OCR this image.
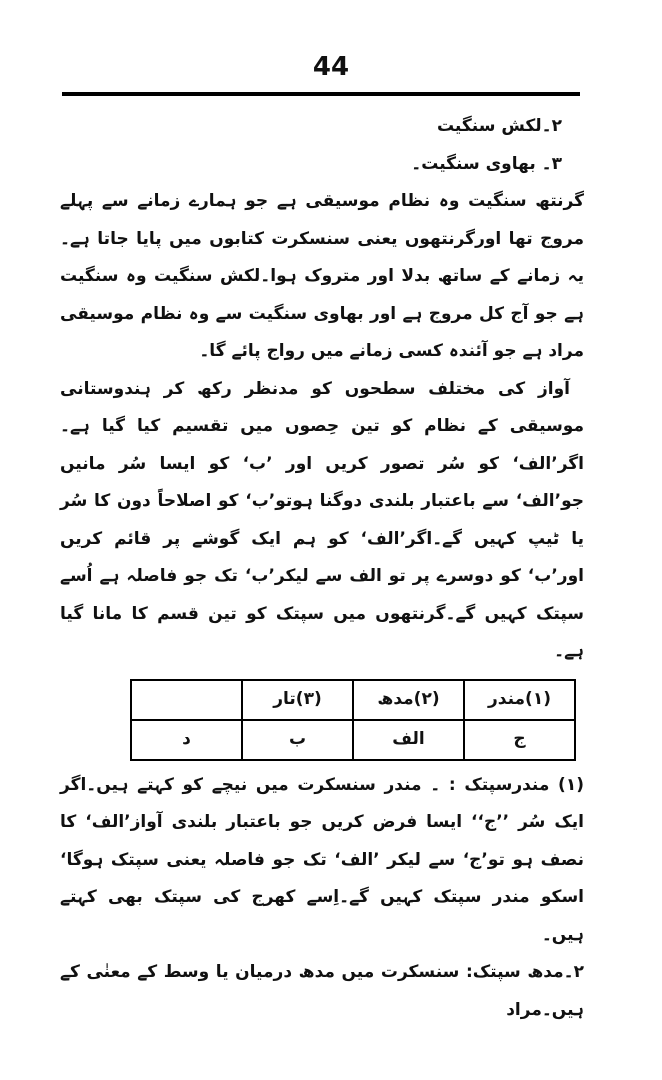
44

۲۔لکش سنگیت

۳۔ بھاوی سنگیت۔

گرنتھ سنگیت وہ نظام موسیقی ہے جو ہمارے زمانے سے پہلے مروج تھا اورگرنتھوں یعنی سنسکرت کتابوں میں پایا جاتا ہے۔ یہ زمانے کے ساتھ بدلا اور متروک ہوا۔لکش سنگیت وہ سنگیت ہے جو آج کل مروج ہے اور بھاوی سنگیت سے وہ نظام موسیقی مراد ہے جو آئندہ کسی زمانے میں رواج پائے گا۔

آواز کی مختلف سطحوں کو مدنظر رکھ کر ہندوستانی موسیقی کے نظام کو تین حِصوں میں تقسیم کیا گیا ہے۔اگر’الف‘ کو سُر تصور کریں اور ’ب‘ کو ایسا سُر مانیں جو’الف‘ سے باعتبار بلندی دوگنا ہوتو’ب‘ کو اصلاحاً دون کا سُر یا ٹیپ کہیں گے۔اگر’الف‘ کو ہم ایک گوشے پر قائم کریں اور’ب‘ کو دوسرے پر تو الف سے لیکر’ب‘ تک جو فاصلہ ہے اُسے سپتک کہیں گے۔گرنتھوں میں سپتک کو تین قسم کا مانا گیا ہے۔

(۱)مندر	(۲)مدھ	(۳)تار	
ج	الف	ب	د

(۱) مندرسپتک : ۔ مندر سنسکرت میں نیچے کو کہتے ہیں۔اگر ایک سُر ’’ج‘‘ ایسا فرض کریں جو باعتبار بلندی آواز’الف‘ کا نصف ہو تو’ج‘ سے لیکر ’الف‘ تک جو فاصلہ یعنی سپتک ہوگا‘ اسکو مندر سپتک کہیں گے۔اِسے کھرج کی سپتک بھی کہتے ہیں۔

۲۔مدھ سپتک: سنسکرت میں مدھ درمیان یا وسط کے معنٰی کے ہیں۔مراد
